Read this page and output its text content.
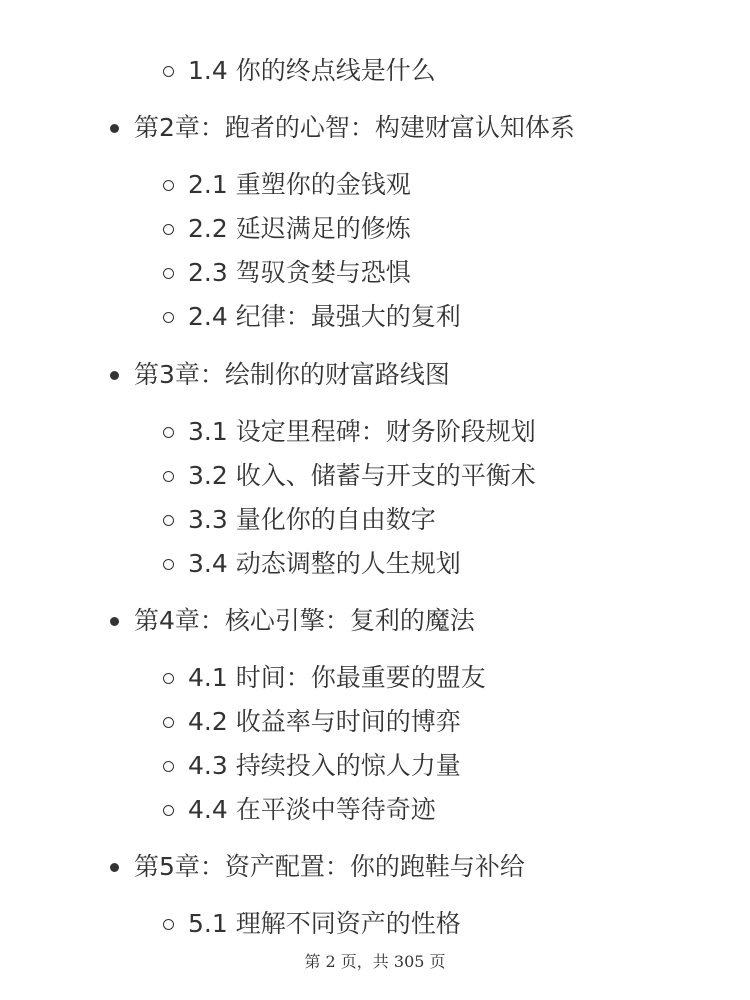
1.4 你的终点线是什么
第2章：跑者的心智：构建财富认知体系
2.1 重塑你的金钱观
2.2 延迟满足的修炼
2.3 驾驭贪婪与恐惧
2.4 纪律：最强大的复利
第3章：绘制你的财富路线图
3.1 设定里程碑：财务阶段规划
3.2 收入、储蓄与开支的平衡术
3.3 量化你的自由数字
3.4 动态调整的人生规划
第4章：核心引擎：复利的魔法
4.1 时间：你最重要的盟友
4.2 收益率与时间的博弈
4.3 持续投入的惊人力量
4.4 在平淡中等待奇迹
第5章：资产配置：你的跑鞋与补给
5.1 理解不同资产的性格
第 2 页，共 305 页
